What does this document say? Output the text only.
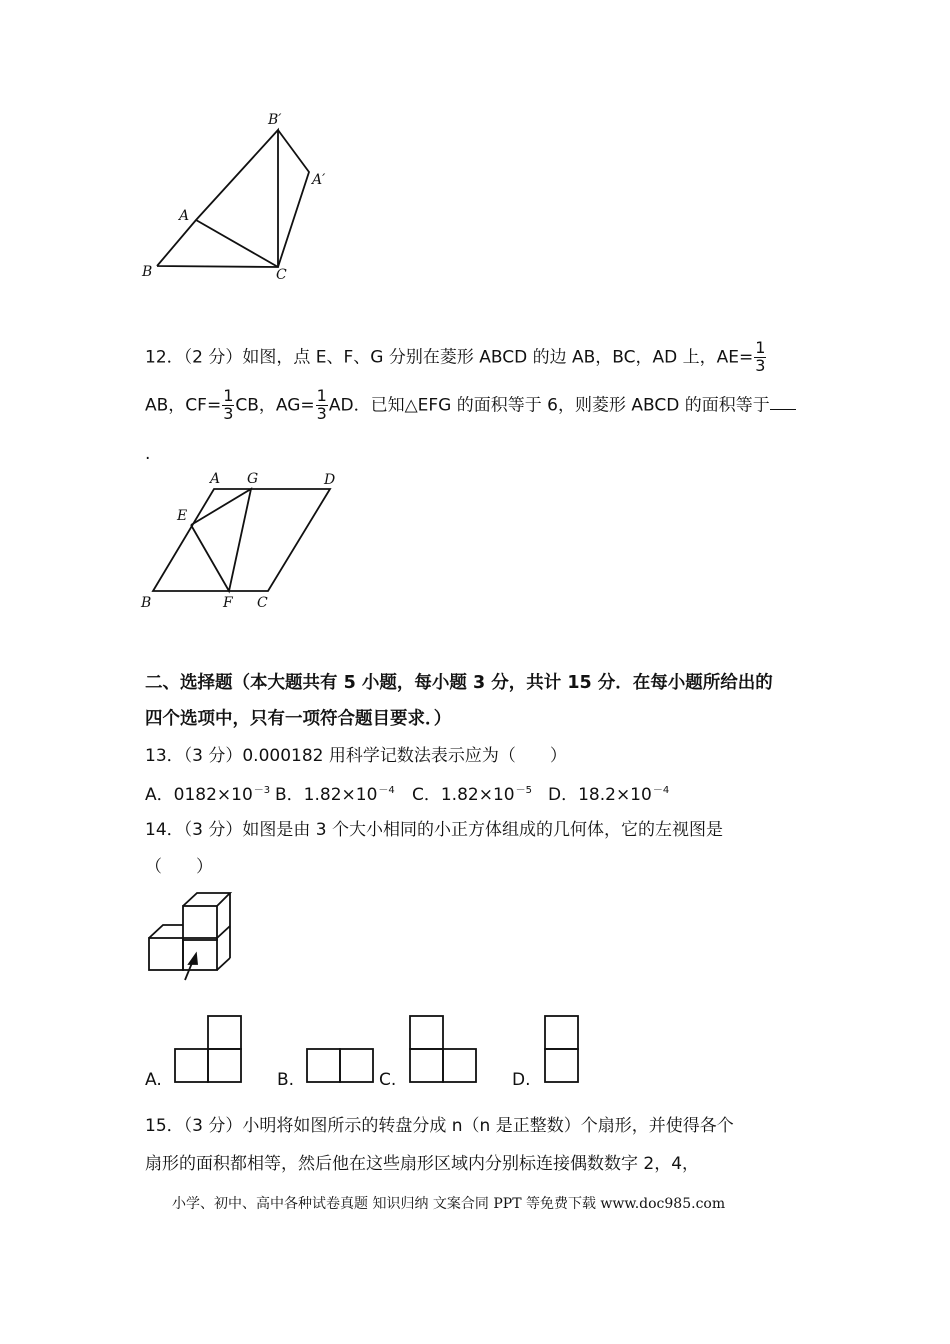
B′
A′
A
B	C
12．（2 分）如图，点 E、F、G 分别在菱形 ABCD 的边 AB，BC，AD 上，$AE= \frac{1}{3}$
AB，$CF= \frac{1}{3}$ CB，$AG= \frac{1}{3}$ AD．已知△EFG 的面积等于 6，则菱形 ABCD 的面积等于
.
A G	D
E
B	F C
二、选择题（本大题共有 5 小题，每小题 3 分，共计 15 分．在每小题所给出的
四个选项中，只有一项符合题目要求．）
13．（3 分）0.000182 用科学记数法表示应为（　　）
A．$0182\times 10^{-3}$ B．$1.82\times 10^{-4}$ C．$1.82\times 10^{-5}$ D．$18.2\times 10^{-4}$
14．（3 分）如图是由 3 个大小相同的小正方体组成的几何体，它的左视图是
（　　）
A.	B.	C.	D.
15．（3 分）小明将如图所示的转盘分成 n（n 是正整数）个扇形，并使得各个
扇形的面积都相等，然后他在这些扇形区域内分别标连接偶数数字 2，4，
小学、初中、高中各种试卷真题 知识归纳 文案合同 PPT 等免费下载 www.doc985.com
